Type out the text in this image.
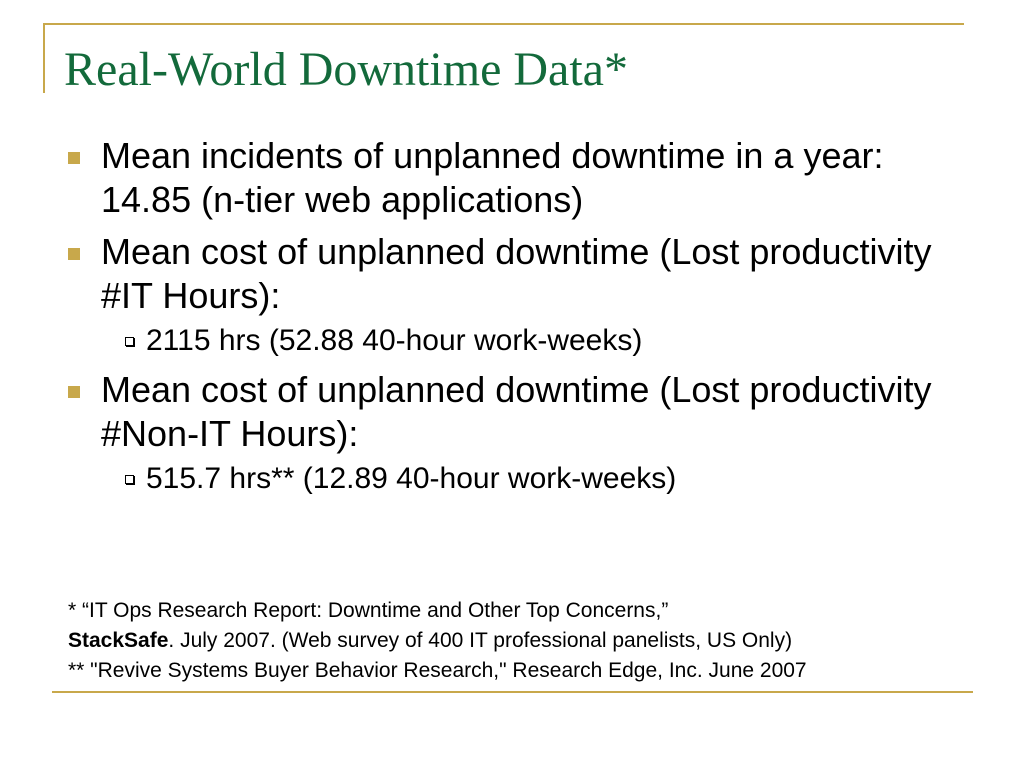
Real-World Downtime Data*
Mean incidents of unplanned downtime in a year: 14.85 (n-tier web applications)
Mean cost of unplanned downtime (Lost productivity #IT Hours):
2115 hrs (52.88 40-hour work-weeks)
Mean cost of unplanned downtime (Lost productivity #Non-IT Hours):
515.7 hrs** (12.89 40-hour work-weeks)
* “IT Ops Research Report: Downtime and Other Top Concerns,”
StackSafe. July 2007. (Web survey of 400 IT professional panelists, US Only)
** "Revive Systems Buyer Behavior Research," Research Edge, Inc. June 2007
